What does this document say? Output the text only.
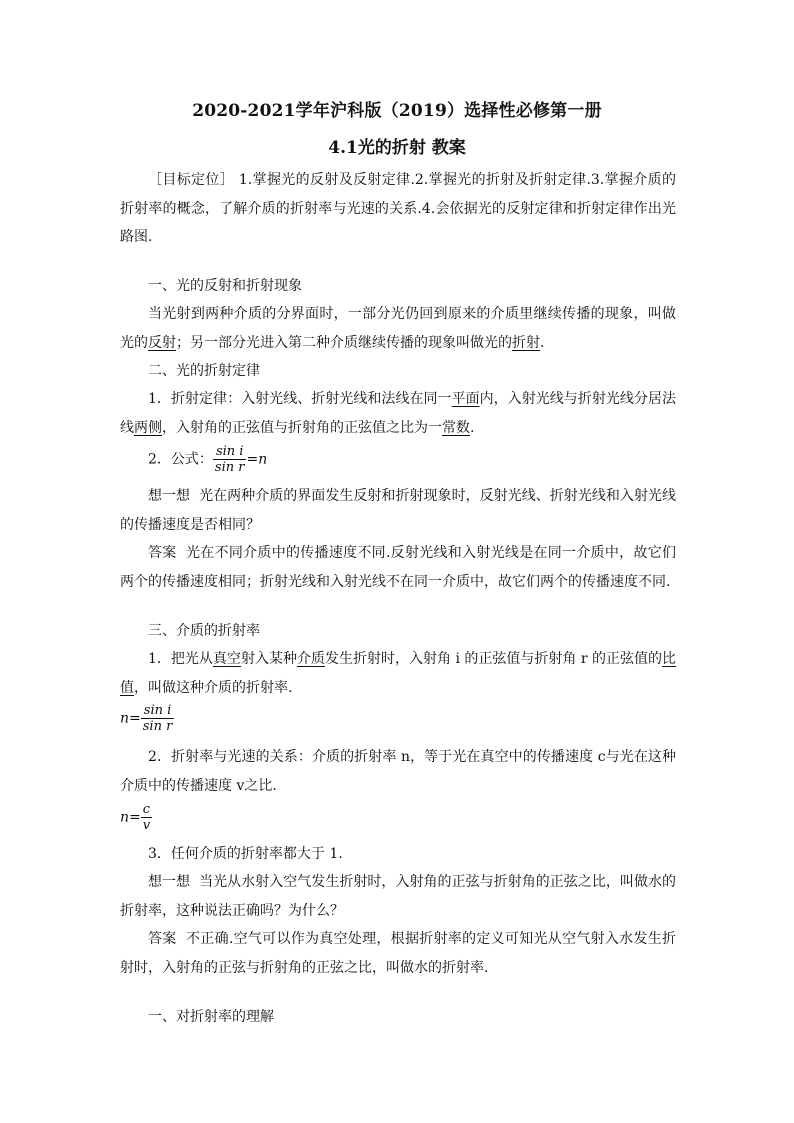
2020-2021学年沪科版（2019）选择性必修第一册
4.1光的折射 教案
［目标定位］ 1.掌握光的反射及反射定律.2.掌握光的折射及折射定律.3.掌握介质的折射率的概念，了解介质的折射率与光速的关系.4.会依据光的反射定律和折射定律作出光路图.
一、光的反射和折射现象
当光射到两种介质的分界面时，一部分光仍回到原来的介质里继续传播的现象，叫做光的反射；另一部分光进入第二种介质继续传播的现象叫做光的折射.
二、光的折射定律
1．折射定律：入射光线、折射光线和法线在同一平面内，入射光线与折射光线分居法线两侧，入射角的正弦值与折射角的正弦值之比为一常数.
2．公式： $\frac{\text{sin i}}{\text{sin r}} =n$
想一想 光在两种介质的界面发生反射和折射现象时，反射光线、折射光线和入射光线的传播速度是否相同？
答案 光在不同介质中的传播速度不同.反射光线和入射光线是在同一介质中，故它们两个的传播速度相同；折射光线和入射光线不在同一介质中，故它们两个的传播速度不同.
三、介质的折射率
1．把光从真空射入某种介质发生折射时，入射角 i 的正弦值与折射角 r 的正弦值的比值，叫做这种介质的折射率.
$n= \frac{\text{sin i}}{\text{sin r}}$
2．折射率与光速的关系：介质的折射率 n，等于光在真空中的传播速度 c与光在这种介质中的传播速度 v之比.
$n= \frac{c}{v}$
3．任何介质的折射率都大于 1.
想一想 当光从水射入空气发生折射时，入射角的正弦与折射角的正弦之比，叫做水的折射率，这种说法正确吗？为什么？
答案 不正确.空气可以作为真空处理，根据折射率的定义可知光从空气射入水发生折射时，入射角的正弦与折射角的正弦之比，叫做水的折射率.
一、对折射率的理解
